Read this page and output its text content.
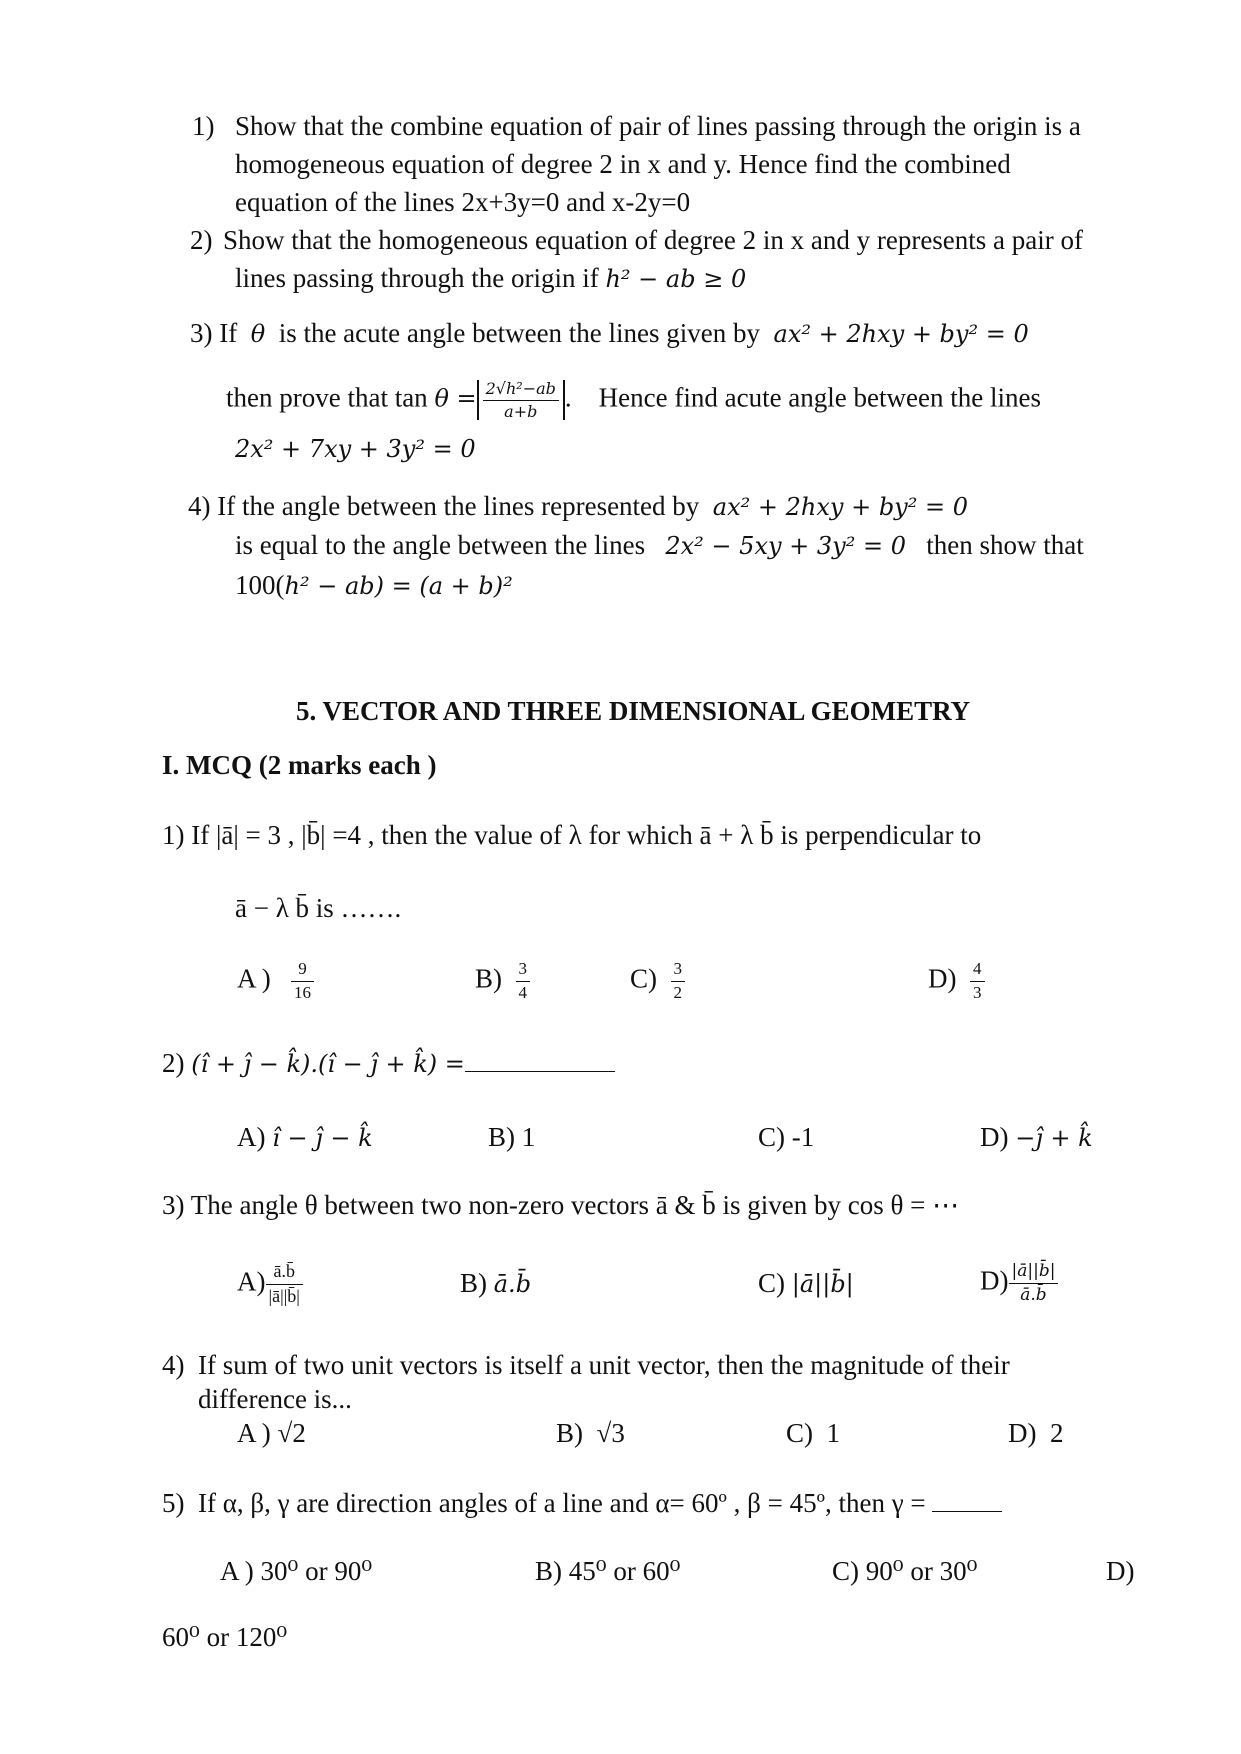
1) Show that the combine equation of pair of lines passing through the origin is a
homogeneous equation of degree 2 in x and y. Hence find the combined
equation of the lines 2x+3y=0 and x-2y=0
2) Show that the homogeneous equation of degree 2 in x and y represents a pair of
lines passing through the origin if h² − ab ≥ 0
3) If θ is the acute angle between the lines given by ax² + 2hxy + by² = 0
then prove that $\tan \theta = \frac{\text{2√h²−ab}}{a+b}$ . Hence find acute angle between the lines
2x² + 7xy + 3y² = 0
4) If the angle between the lines represented by ax² + 2hxy + by² = 0
is equal to the angle between the lines 2x² − 5xy + 3y² = 0 then show that
100(h² − ab) = (a + b)²
5. VECTOR AND THREE DIMENSIONAL GEOMETRY
I. MCQ (2 marks each )
1) If |ā| = 3 , |b̄| =4 , then the value of λ for which ā + λ b̄ is perpendicular to
ā − λ b̄ is …….
A ) $\frac{9}{16}$	$B) \frac{3}{4}$	$C) \frac{3}{2}$	$D) \frac{4}{3}$
2) (î + ĵ − k̂).(î − ĵ + k̂) =
A) î − ĵ − k̂	B) 1	C) -1	D) −ĵ + k̂
3) The angle θ between two non-zero vectors ā & b̄ is given by cos θ = ⋯
$A) \frac{ā.b̄}{|ā||b̄|}$	B) ā.b̄	C) |ā||b̄|	$D) \frac{|ā||b̄|}{ā.b̄}$
4) If sum of two unit vectors is itself a unit vector, then the magnitude of their
difference is...
A ) √2	B) √3	C) 1	D) 2
5) If α, β, γ are direction angles of a line and α= 60º , β = 45º, then γ =
A ) 30⁰ or 90⁰	B) 45⁰ or 60⁰	C) 90⁰ or 30⁰	D)
60⁰ or 120⁰
